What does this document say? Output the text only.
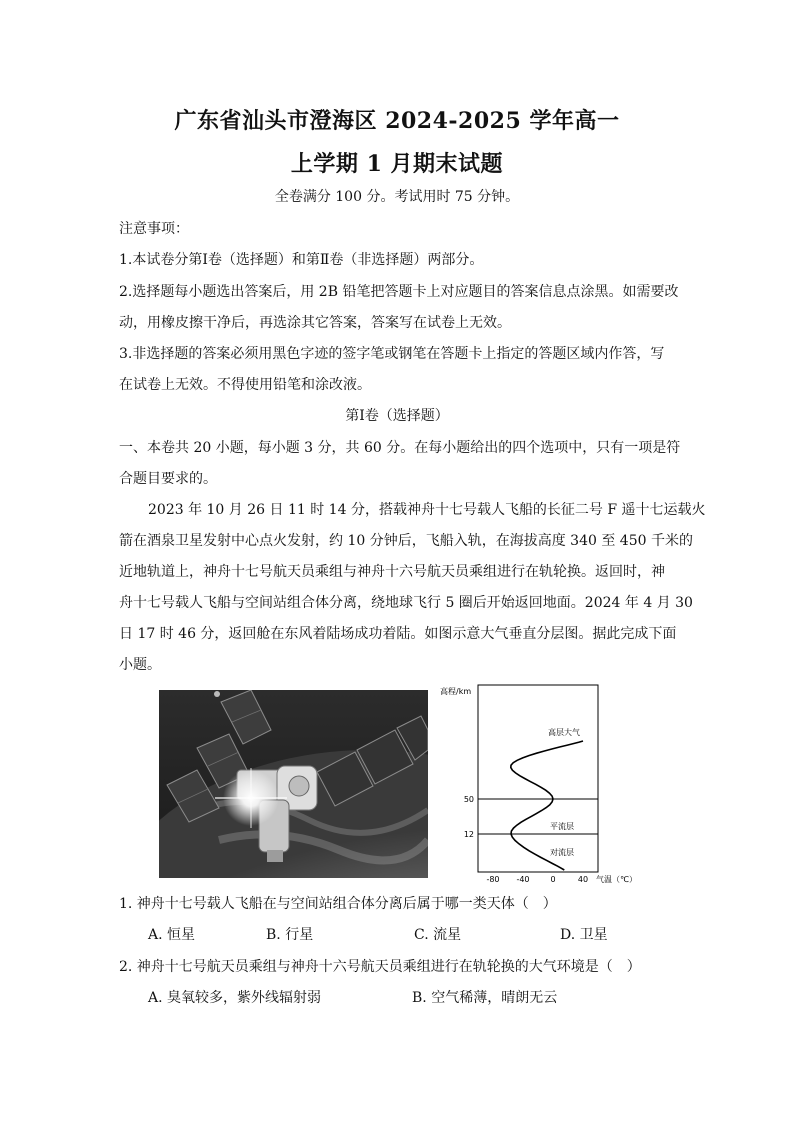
广东省汕头市澄海区 2024-2025 学年高一
上学期 1 月期末试题
全卷满分 100 分。考试用时 75 分钟。
注意事项：
1.本试卷分第Ⅰ卷（选择题）和第Ⅱ卷（非选择题）两部分。
2.选择题每小题选出答案后，用 2B 铅笔把答题卡上对应题目的答案信息点涂黑。如需要改
动，用橡皮擦干净后，再选涂其它答案，答案写在试卷上无效。
3.非选择题的答案必须用黑色字迹的签字笔或钢笔在答题卡上指定的答题区域内作答，写
在试卷上无效。不得使用铅笔和涂改液。
第Ⅰ卷（选择题）
一、本卷共 20 小题，每小题 3 分，共 60 分。在每小题给出的四个选项中，只有一项是符
合题目要求的。
2023 年 10 月 26 日 11 时 14 分，搭载神舟十七号载人飞船的长征二号 F 遥十七运载火
箭在酒泉卫星发射中心点火发射，约 10 分钟后，飞船入轨，在海拔高度 340 至 450 千米的
近地轨道上，神舟十七号航天员乘组与神舟十六号航天员乘组进行在轨轮换。返回时，神
舟十七号载人飞船与空间站组合体分离，绕地球飞行 5 圈后开始返回地面。2024 年 4 月 30
日 17 时 46 分，返回舱在东风着陆场成功着陆。如图示意大气垂直分层图。据此完成下面
小题。
高程/km
高层大气
平流层
对流层
气温（℃）
12
50
-80 -40	0	40
1. 神舟十七号载人飞船在与空间站组合体分离后属于哪一类天体（　）
A. 恒星	B. 行星	C. 流星	D. 卫星
2. 神舟十七号航天员乘组与神舟十六号航天员乘组进行在轨轮换的大气环境是（　）
A. 臭氧较多，紫外线辐射弱	B. 空气稀薄，晴朗无云
